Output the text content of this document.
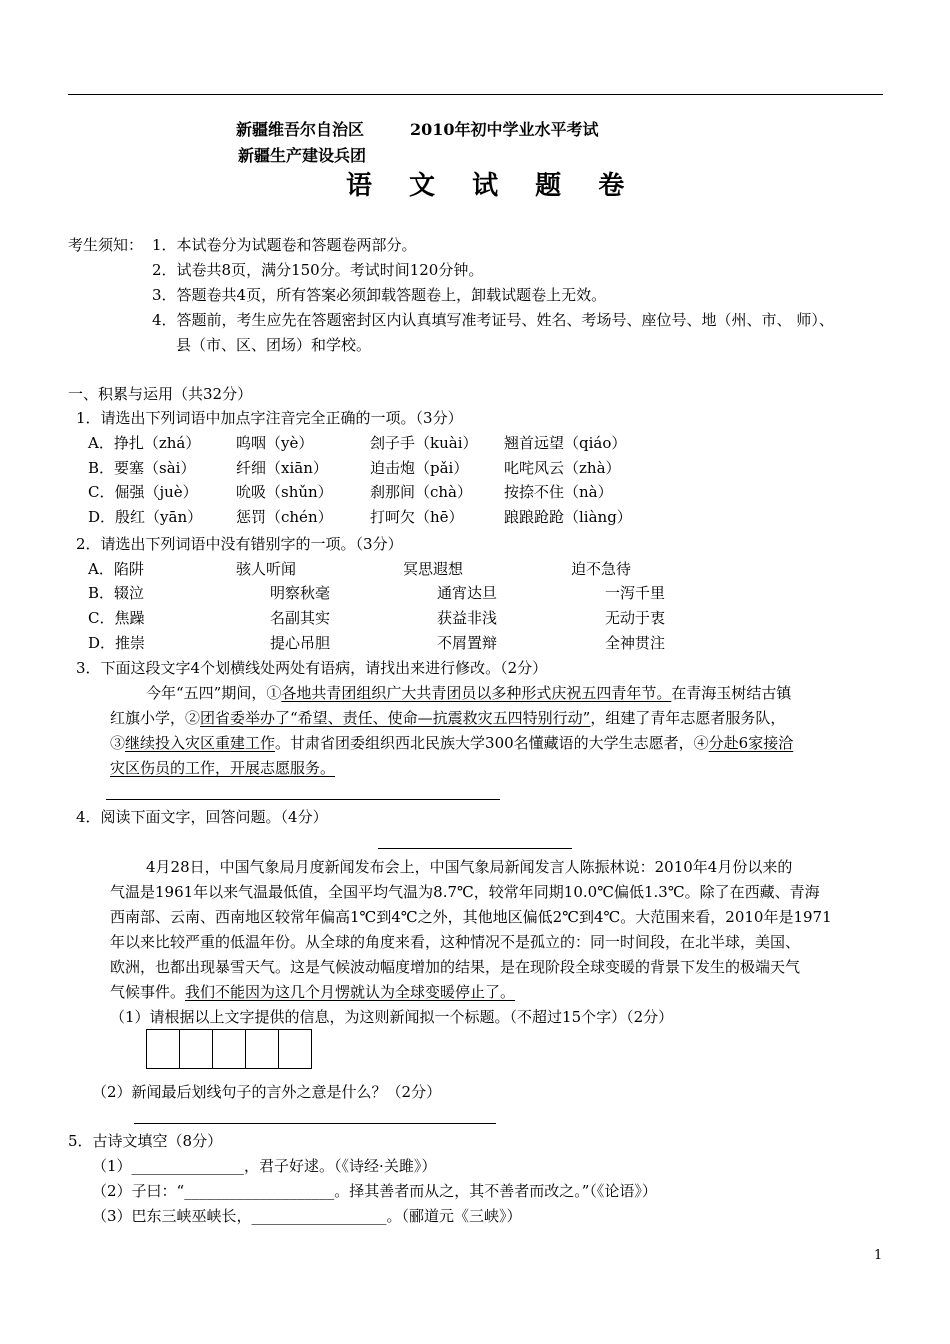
新疆维吾尔自治区	2010年初中学业水平考试
新疆生产建设兵团
语 文 试 题 卷
考生须知： 1．本试卷分为试题卷和答题卷两部分。
2．试卷共8页，满分150分。考试时间120分钟。
3．答题卷共4页，所有答案必须卸载答题卷上，卸载试题卷上无效。
4．答题前，考生应先在答题密封区内认真填写准考证号、姓名、考场号、座位号、地（州、市、 师）、
县（市、区、团场）和学校。
一、积累与运用（共32分）
1．请选出下列词语中加点字注音完全正确的一项。（3分）
A．挣扎（zhá） 呜咽（yè）	刽子手（kuài） 翘首远望（qiáo）
B．要塞（sài）	纤细（xiān）	迫击炮（pǎi） 叱咤风云（zhà）
C．倔强（juè）	吮吸（shǔn） 刹那间（chà） 按捺不住（nà）
D．殷红（yān） 惩罚（chén） 打呵欠（hē）	踉踉跄跄（liàng）
2．请选出下列词语中没有错别字的一项。（3分）
A．陷阱	骇人听闻	冥思遐想	迫不急待
B．辍泣	明察秋毫	通宵达旦	一泻千里
C．焦躁	名副其实	获益非浅	无动于衷
D．推崇	提心吊胆	不屑置辩	全神贯注
3．下面这段文字4个划横线处两处有语病，请找出来进行修改。（2分）
今年“五四”期间，①各地共青团组织广大共青团员以多种形式庆祝五四青年节。在青海玉树结古镇
红旗小学，②团省委举办了“希望、责任、使命—抗震救灾五四特别行动”，组建了青年志愿者服务队，
③继续投入灾区重建工作。甘肃省团委组织西北民族大学300名懂藏语的大学生志愿者，④分赴6家接洽
灾区伤员的工作，开展志愿服务。
4．阅读下面文字，回答问题。（4分）
4月28日，中国气象局月度新闻发布会上，中国气象局新闻发言人陈振林说：2010年4月份以来的
气温是1961年以来气温最低值，全国平均气温为8.7℃，较常年同期10.0℃偏低1.3℃。除了在西藏、青海
西南部、云南、西南地区较常年偏高1℃到4℃之外，其他地区偏低2℃到4℃。大范围来看，2010年是1971
年以来比较严重的低温年份。从全球的角度来看，这种情况不是孤立的：同一时间段，在北半球，美国、
欧洲，也都出现暴雪天气。这是气候波动幅度增加的结果，是在现阶段全球变暖的背景下发生的极端天气
气候事件。我们不能因为这几个月愣就认为全球变暖停止了。
（1）请根据以上文字提供的信息，为这则新闻拟一个标题。（不超过15个字）（2分）
（2）新闻最后划线句子的言外之意是什么？（2分）
5．古诗文填空（8分）
（1）_______________，君子好逑。（《诗经·关雎》）
（2）子曰：“____________________。择其善者而从之，其不善者而改之。”（《论语》）
（3）巴东三峡巫峡长，__________________。（郦道元《三峡》）
1
